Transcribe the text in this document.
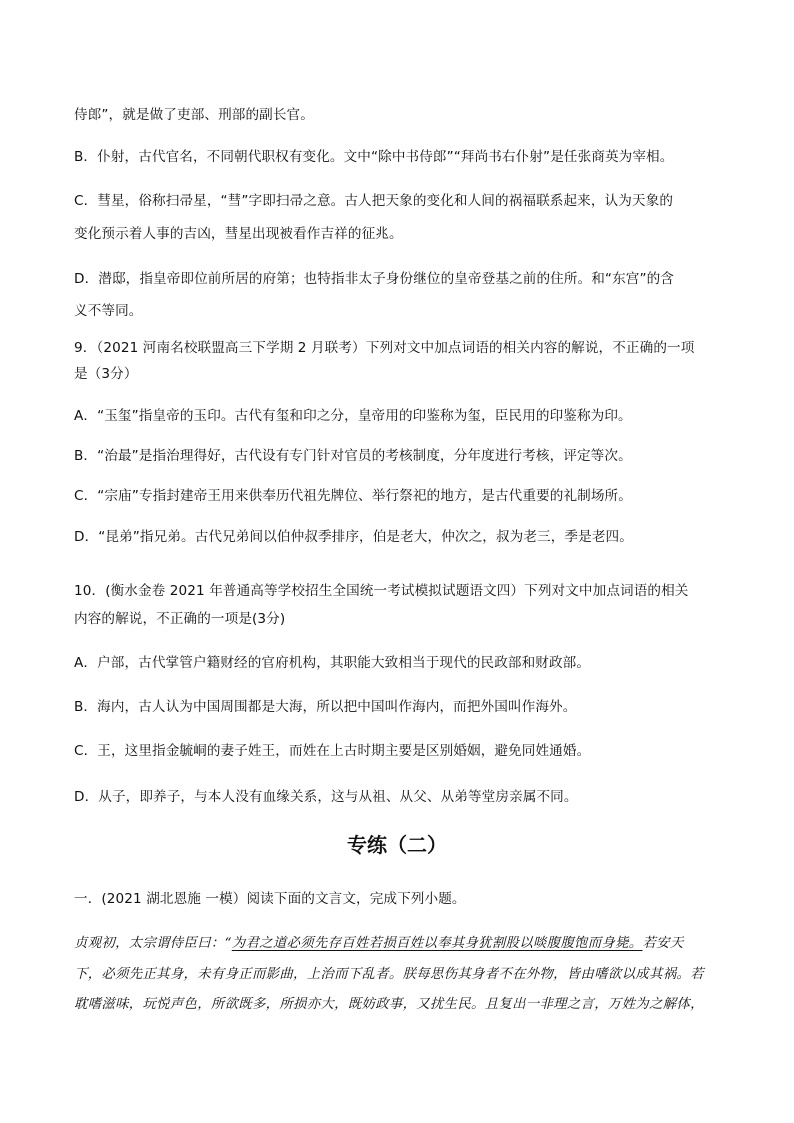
侍郎”，就是做了吏部、刑部的副长官。
B．仆射，古代官名，不同朝代职权有变化。文中“除中书侍郎”“拜尚书右仆射”是任张商英为宰相。
C．彗星，俗称扫帚星，“彗”字即扫帚之意。古人把天象的变化和人间的祸福联系起来，认为天象的
变化预示着人事的吉凶，彗星出现被看作吉祥的征兆。
D．潜邸，指皇帝即位前所居的府第；也特指非太子身份继位的皇帝登基之前的住所。和“东宫”的含
义不等同。
9．（2021 河南名校联盟高三下学期 2 月联考）下列对文中加点词语的相关内容的解说，不正确的一项
是（3分）
A．“玉玺”指皇帝的玉印。古代有玺和印之分，皇帝用的印鉴称为玺，臣民用的印鉴称为印。
B．“治最”是指治理得好，古代设有专门针对官员的考核制度，分年度进行考核，评定等次。
C．“宗庙”专指封建帝王用来供奉历代祖先牌位、举行祭祀的地方，是古代重要的礼制场所。
D．“昆弟”指兄弟。古代兄弟间以伯仲叔季排序，伯是老大，仲次之，叔为老三，季是老四。
10．(衡水金卷 2021 年普通高等学校招生全国统一考试模拟试题语文四）下列对文中加点词语的相关
内容的解说，不正确的一项是(3分)
A．户部，古代掌管户籍财经的官府机构，其职能大致相当于现代的民政部和财政部。
B．海内，古人认为中国周围都是大海，所以把中国叫作海内，而把外国叫作海外。
C．王，这里指金毓峒的妻子姓王，而姓在上古时期主要是区别婚姻，避免同姓通婚。
D．从子，即养子，与本人没有血缘关系，这与从祖、从父、从弟等堂房亲属不同。
专练（二）
一．(2021 湖北恩施 一模）阅读下面的文言文，完成下列小题。
贞观初，太宗谓侍臣曰：“为君之道必须先存百姓若损百姓以奉其身犹割股以啖腹腹饱而身毙。若安天
下，必须先正其身，未有身正而影曲，上治而下乱者。朕每思伤其身者不在外物，皆由嗜欲以成其祸。若
耽嗜滋味，玩悦声色，所欲既多，所损亦大，既妨政事，又扰生民。且复出一非理之言，万姓为之解体，
